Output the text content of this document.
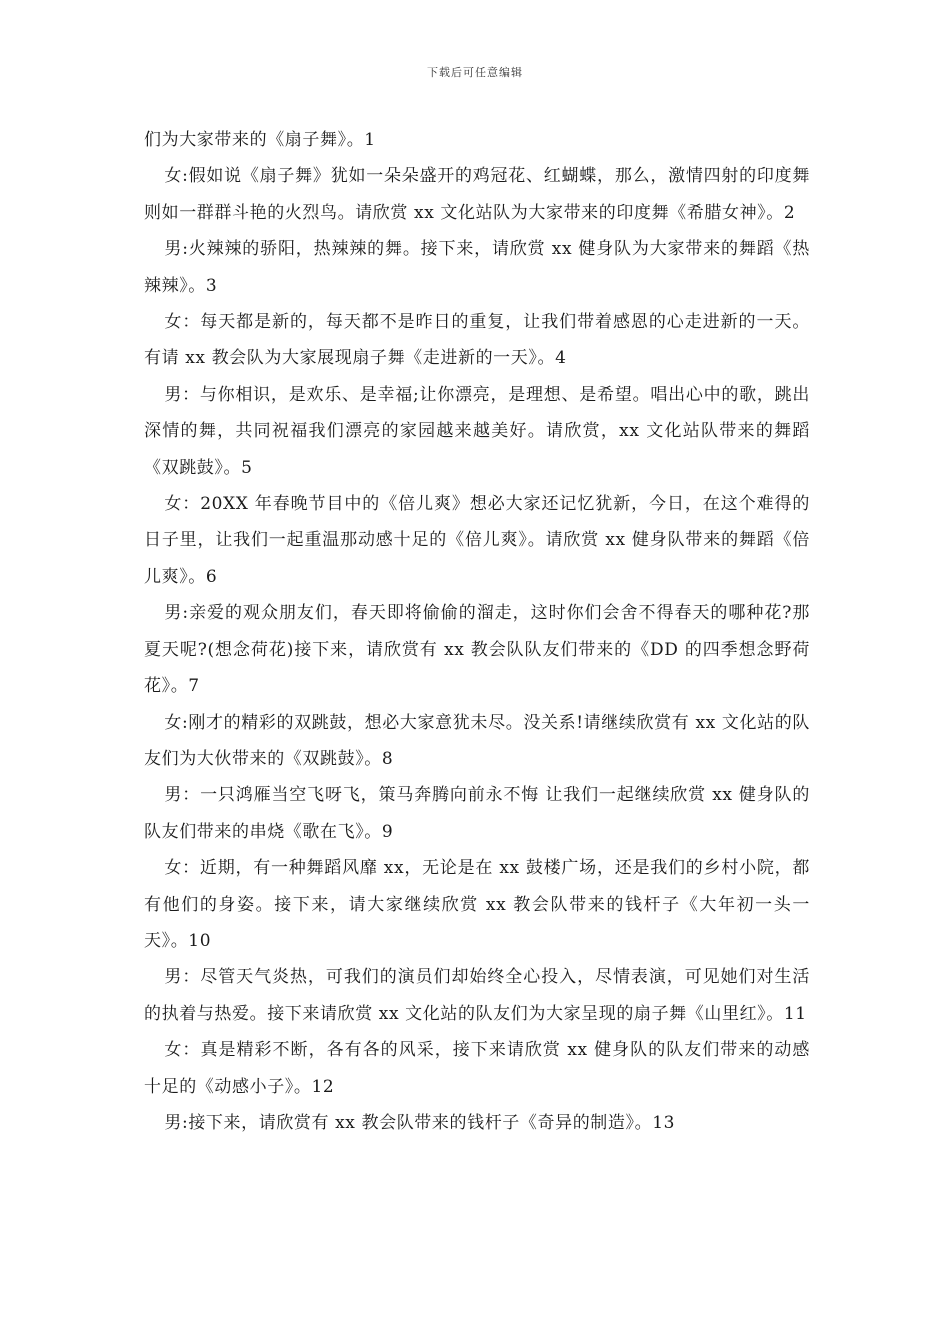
下载后可任意编辑

们为大家带来的《扇子舞》。1

女:假如说《扇子舞》犹如一朵朵盛开的鸡冠花、红蝴蝶，那么，激情四射的印度舞则如一群群斗艳的火烈鸟。请欣赏 xx 文化站队为大家带来的印度舞《希腊女神》。2

男:火辣辣的骄阳，热辣辣的舞。接下来，请欣赏 xx 健身队为大家带来的舞蹈《热辣辣》。3

女：每天都是新的，每天都不是昨日的重复，让我们带着感恩的心走进新的一天。有请 xx 教会队为大家展现扇子舞《走进新的一天》。4

男：与你相识，是欢乐、是幸福;让你漂亮，是理想、是希望。唱出心中的歌，跳出深情的舞，共同祝福我们漂亮的家园越来越美好。请欣赏，xx 文化站队带来的舞蹈《双跳鼓》。5

女：20XX 年春晚节目中的《倍儿爽》想必大家还记忆犹新，今日，在这个难得的日子里，让我们一起重温那动感十足的《倍儿爽》。请欣赏 xx 健身队带来的舞蹈《倍儿爽》。6

男:亲爱的观众朋友们，春天即将偷偷的溜走，这时你们会舍不得春天的哪种花?那夏天呢?(想念荷花)接下来，请欣赏有 xx 教会队队友们带来的《DD 的四季想念野荷花》。7

女:刚才的精彩的双跳鼓，想必大家意犹未尽。没关系!请继续欣赏有 xx 文化站的队友们为大伙带来的《双跳鼓》。8

男：一只鸿雁当空飞呀飞，策马奔腾向前永不悔 让我们一起继续欣赏 xx 健身队的队友们带来的串烧《歌在飞》。9

女：近期，有一种舞蹈风靡 xx，无论是在 xx 鼓楼广场，还是我们的乡村小院，都有他们的身姿。接下来，请大家继续欣赏 xx 教会队带来的钱杆子《大年初一头一天》。10

男：尽管天气炎热，可我们的演员们却始终全心投入，尽情表演，可见她们对生活的执着与热爱。接下来请欣赏 xx 文化站的队友们为大家呈现的扇子舞《山里红》。11

女：真是精彩不断，各有各的风采，接下来请欣赏 xx 健身队的队友们带来的动感十足的《动感小子》。12

男:接下来，请欣赏有 xx 教会队带来的钱杆子《奇异的制造》。13
